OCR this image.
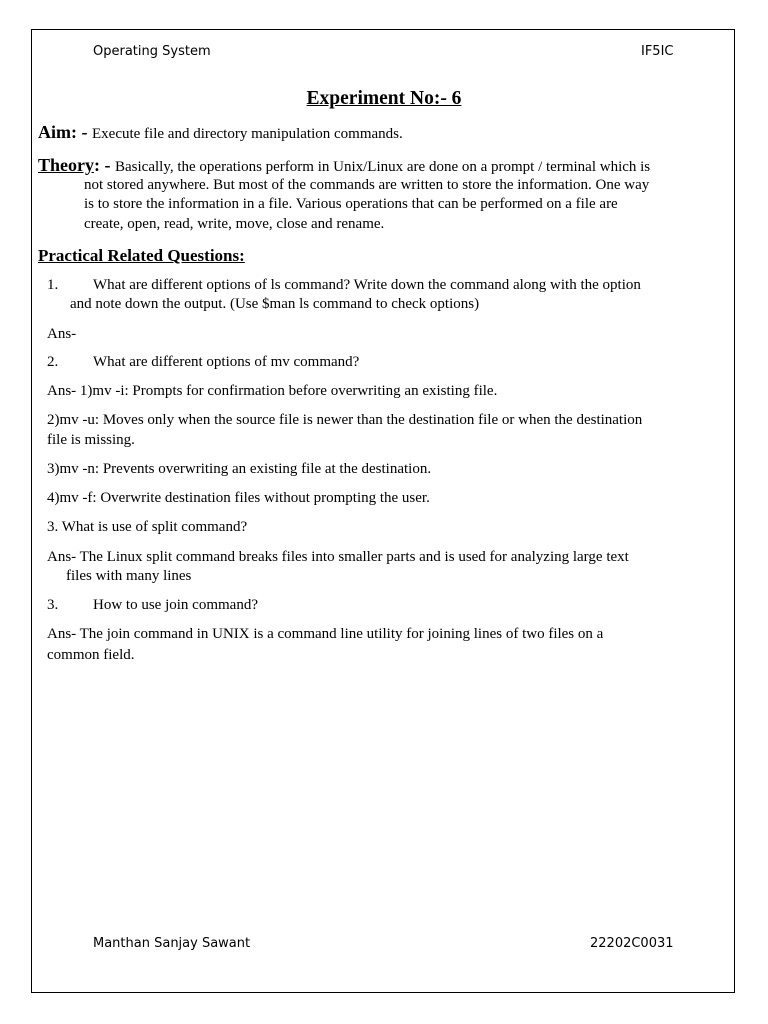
Operating System	IF5IC
Experiment No:- 6
Aim: - Execute file and directory manipulation commands.
Theory: - Basically, the operations perform in Unix/Linux are done on a prompt / terminal which is
not stored anywhere. But most of the commands are written to store the information. One way
is to store the information in a file. Various operations that can be performed on a file are
create, open, read, write, move, close and rename.
Practical Related Questions:
1. What are different options of ls command? Write down the command along with the option
and note down the output. (Use $man ls command to check options)
Ans-
2. What are different options of mv command?
Ans- 1)mv -i: Prompts for confirmation before overwriting an existing file.
2)mv -u: Moves only when the source file is newer than the destination file or when the destination
file is missing.
3)mv -n: Prevents overwriting an existing file at the destination.
4)mv -f: Overwrite destination files without prompting the user.
3. What is use of split command?
Ans- The Linux split command breaks files into smaller parts and is used for analyzing large text
files with many lines
3. How to use join command?
Ans- The join command in UNIX is a command line utility for joining lines of two files on a
common field.
Manthan Sanjay Sawant	22202C0031
